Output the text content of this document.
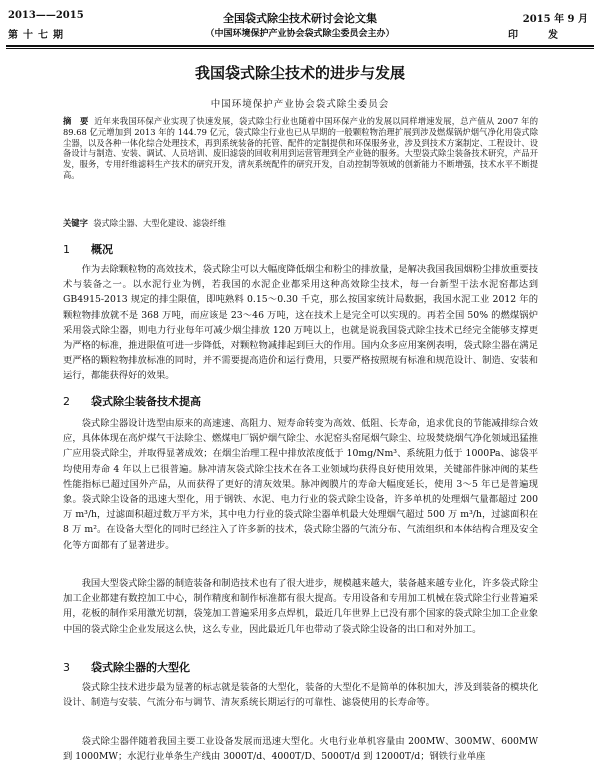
2013——2015
第十七期
全国袋式除尘技术研讨会论文集
（中国环境保护产业协会袋式除尘委员会主办）
2015 年 9 月
印发
我国袋式除尘技术的进步与发展
中国环境保护产业协会袋式除尘委员会
摘　要 近年来我国环保产业实现了快速发展，袋式除尘行业也随着中国环保产业的发展以同样增速发展，总产值从 2007 年的 89.68 亿元增加到 2013 年的 144.79 亿元，袋式除尘行业也已从早期的一般颗粒物治理扩展到涉及燃煤锅炉烟气净化用袋式除尘器，以及各种一体化综合处理技术，再到系统装备的托管、配件的定制提供和环保服务业，涉及到技术方案制定、工程设计、设备设计与制造、安装、调试、人员培训、废旧滤袋的回收利用到运营管理到全产业链的服务。大型袋式除尘装备技术研究，产品开发，服务，专用纤维滤料生产技术的研究开发，清灰系统配件的研究开发，自动控制等领域的创新能力不断增强，技术水平不断提高。
关键字 袋式除尘器、大型化建设、滤袋纤维
1 概况
作为去除颗粒物的高效技术，袋式除尘可以大幅度降低烟尘和粉尘的排放量，是解决我国我国烟粉尘排放重要技术与装备之一。以水泥行业为例，若我国的水泥企业都采用这种高效除尘技术，每一台新型干法水泥窑都达到 GB4915-2013 规定的排尘限值，即吨熟料 0.15～0.30 千克，那么按国家统计局数据，我国水泥工业 2012 年的颗粒物排放就不是 368 万吨，而应该是 23～46 万吨，这在技术上是完全可以实现的。再若全国 50% 的燃煤锅炉采用袋式除尘器，则电力行业每年可减少烟尘排放 120 万吨以上，也就是说我国袋式除尘技术已经完全能够支撑更为严格的标准，推进限值可进一步降低，对颗粒物减排起到巨大的作用。国内众多应用案例表明，袋式除尘器在满足更严格的颗粒物排放标准的同时，并不需要提高造价和运行费用，只要严格按照规有标准和规范设计、制造、安装和运行，都能获得好的效果。
2 袋式除尘装备技术提高
袋式除尘器设计选型由原来的高速速、高阻力、短寿命转变为高效、低阻、长寿命，追求优良的节能减排综合效应，具体体现在高炉煤气干法除尘、燃煤电厂锅炉烟气除尘、水泥窑头窑尾烟气除尘、垃圾焚烧烟气净化领域迅猛推广应用袋式除尘，并取得显著成效；在烟尘治理工程中排放浓度低于 10mg/Nm³、系统阻力低于 1000Pa、滤袋平均使用寿命 4 年以上已很普遍。脉冲清灰袋式除尘技术在各工业领域均获得良好使用效果，关键部件脉冲阀的某些性能指标已超过国外产品，从而获得了更好的清灰效果。脉冲阀膜片的寿命大幅度延长，使用 3～5 年已是普遍现象。袋式除尘设备的迅速大型化，用于钢铁、水泥、电力行业的袋式除尘设备，许多单机的处理烟气量都超过 200 万 m³/h，过滤面积超过数万平方米，其中电力行业的袋式除尘器单机最大处理烟气超过 500 万 m³/h，过滤面积在 8 万 m²。在设备大型化的同时已经注入了许多新的技术，袋式除尘器的气流分布、气流组织和本体结构合理及安全化等方面都有了显著进步。
我国大型袋式除尘器的制造装备和制造技术也有了很大进步，规模越来越大，装备越来越专业化，许多袋式除尘加工企业都建有数控加工中心，制作精度和制作标准都有很大提高。专用设备和专用加工机械在袋式除尘行业普遍采用，花板的制作采用激光切割，袋笼加工普遍采用多点焊机，最近几年世界上已没有那个国家的袋式除尘加工企业象中国的袋式除尘企业发展这么快，这么专业，因此最近几年也带动了袋式除尘设备的出口和对外加工。
3 袋式除尘器的大型化
袋式除尘技术进步最为显著的标志就是装备的大型化，装备的大型化不是简单的体积加大，涉及到装备的模块化设计、制造与安装、气流分布与调节、清灰系统长期运行的可靠性、滤袋使用的长寿命等。
袋式除尘器伴随着我国主要工业设备发展而迅速大型化。火电行业单机容量由 200MW、300MW、600MW 到 1000MW；水泥行业单条生产线由 3000T/d、4000T/D、5000T/d 到 12000T/d；钢铁行业单座
